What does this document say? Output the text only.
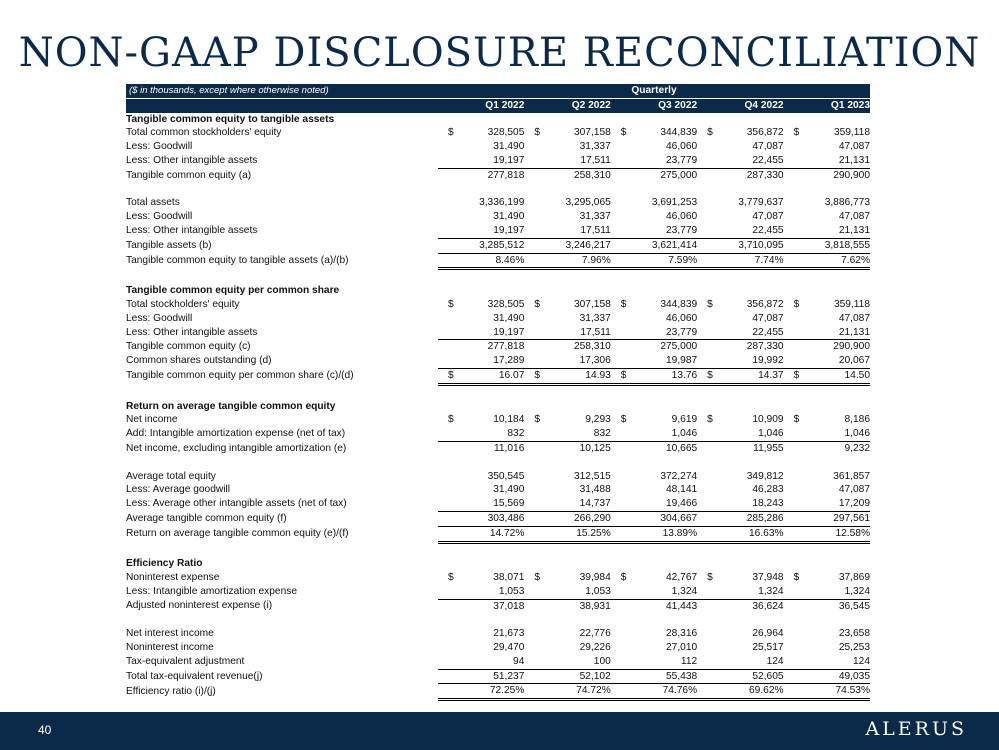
NON-GAAP DISCLOSURE RECONCILIATION
($ in thousands, except where otherwise noted)	Quarterly				
	Q1 2022	Q2 2022	Q3 2022	Q4 2022	Q1 2023
Tangible common equity to tangible assets					
Total common stockholders' equity	$ 328,505	$ 307,158	$ 344,839	$ 356,872	$ 359,118

Less: Goodwill	31,490	31,337	46,060	47,087	47,087

Less: Other intangible assets	19,197	17,511	23,779	22,455	21,131

Tangible common equity (a)	277,818	258,310	275,000	287,330	290,900

Total assets	3,336,199	3,295,065	3,691,253	3,779,637	3,886,773

Less: Goodwill	31,490	31,337	46,060	47,087	47,087

Less: Other intangible assets	19,197	17,511	23,779	22,455	21,131

Tangible assets (b)	3,285,512	3,246,217	3,621,414	3,710,095	3,818,555

Tangible common equity to tangible assets (a)/(b)	8.46%	7.96%	7.59%	7.74%	7.62%

Tangible common equity per common share					
Total stockholders' equity	$ 328,505	$ 307,158	$ 344,839	$ 356,872	$ 359,118

Less: Goodwill	31,490	31,337	46,060	47,087	47,087

Less: Other intangible assets	19,197	17,511	23,779	22,455	21,131

Tangible common equity (c)	277,818	258,310	275,000	287,330	290,900

Common shares outstanding (d)	17,289	17,306	19,987	19,992	20,067

Tangible common equity per common share (c)/(d)	$ 16.07	$ 14.93	$ 13.76	$ 14.37	$ 14.50

Return on average tangible common equity					
Net income	$ 10,184	$ 9,293	$ 9,619	$ 10,909	$ 8,186

Add: Intangible amortization expense (net of tax)	832	832	1,046	1,046	1,046

Net income, excluding intangible amortization (e)	11,016	10,125	10,665	11,955	9,232

Average total equity	350,545	312,515	372,274	349,812	361,857

Less: Average goodwill	31,490	31,488	48,141	46,283	47,087

Less: Average other intangible assets (net of tax)	15,569	14,737	19,466	18,243	17,209

Average tangible common equity (f)	303,486	266,290	304,667	285,286	297,561

Return on average tangible common equity (e)/(f)	14.72%	15.25%	13.89%	16.63%	12.58%

Efficiency Ratio					
Noninterest expense	$ 38,071	$ 39,984	$ 42,767	$ 37,948	$ 37,869

Less: Intangible amortization expense	1,053	1,053	1,324	1,324	1,324

Adjusted noninterest expense (i)	37,018	38,931	41,443	36,624	36,545

Net interest income	21,673	22,776	28,316	26,964	23,658

Noninterest income	29,470	29,226	27,010	25,517	25,253

Tax-equivalent adjustment	94	100	112	124	124

Total tax-equivalent revenue(j)	51,237	52,102	55,438	52,605	49,035

Efficiency ratio (i)/(j)	72.25%	74.72%	74.76%	69.62%	74.53%
40	ALERUS
